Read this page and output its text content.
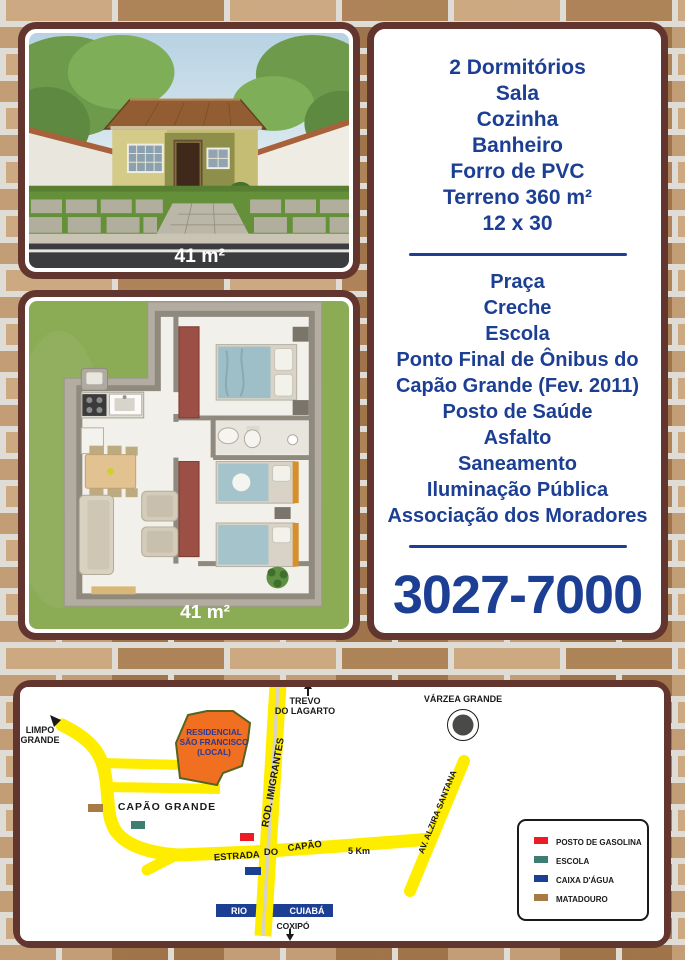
41 m²
41 m²
2 Dormitórios
Sala
Cozinha
Banheiro
Forro de PVC
Terreno 360 m²
12 x 30
Praça
Creche
Escola
Ponto Final de Ônibus do Capão Grande (Fev. 2011)
Posto de Saúde
Asfalto
Saneamento
Iluminação Pública
Associação dos Moradores
3027-7000
RESIDENCIAL
SÃO FRANCISCO
(LOCAL)
TREVO
DO LAGARTO
VÁRZEA GRANDE
LIMPO
GRANDE
CAPÃO GRANDE
ESTRADA DO CAPÃO	5 Km
ROD. IMIGRANTES	AV. ALZIRA SANTANA
COXIPÓ
RIO	CUIABÁ
POSTO DE GASOLINA
ESCOLA
CAIXA D'ÁGUA
MATADOURO
